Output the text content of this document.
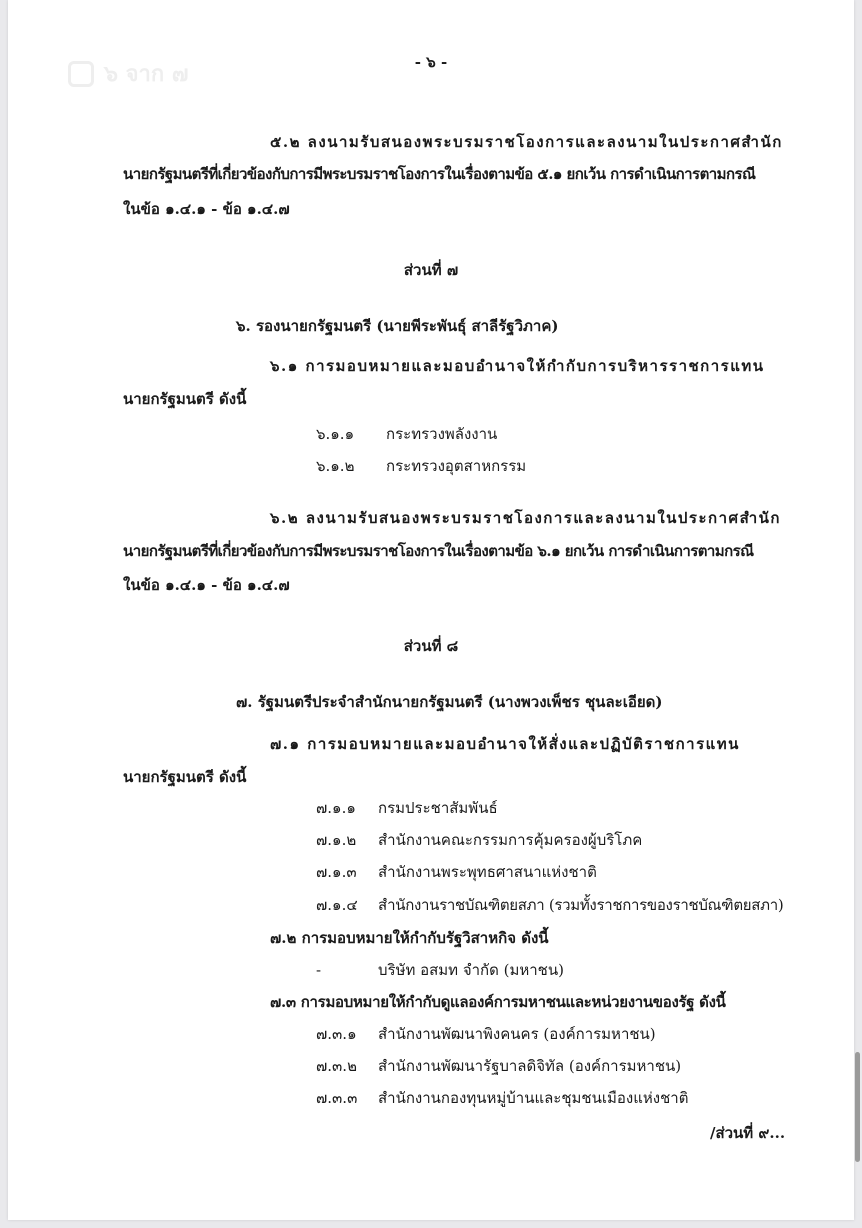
๖ จาก ๗	- ๖ -
๕.๒ ลงนามรับสนองพระบรมราชโองการและลงนามในประกาศสำนัก
นายกรัฐมนตรีที่เกี่ยวข้องกับการมีพระบรมราชโองการในเรื่องตามข้อ ๕.๑ ยกเว้น การดำเนินการตามกรณี
ในข้อ ๑.๔.๑ - ข้อ ๑.๔.๗
ส่วนที่ ๗
๖. รองนายกรัฐมนตรี (นายพีระพันธุ์ สาลีรัฐวิภาค)
๖.๑ การมอบหมายและมอบอำนาจให้กำกับการบริหารราชการแทน
นายกรัฐมนตรี ดังนี้
๖.๑.๑ กระทรวงพลังงาน
๖.๑.๒ กระทรวงอุตสาหกรรม
๖.๒ ลงนามรับสนองพระบรมราชโองการและลงนามในประกาศสำนัก
นายกรัฐมนตรีที่เกี่ยวข้องกับการมีพระบรมราชโองการในเรื่องตามข้อ ๖.๑ ยกเว้น การดำเนินการตามกรณี
ในข้อ ๑.๔.๑ - ข้อ ๑.๔.๗
ส่วนที่ ๘
๗. รัฐมนตรีประจำสำนักนายกรัฐมนตรี (นางพวงเพ็ชร ชุนละเอียด)
๗.๑ การมอบหมายและมอบอำนาจให้สั่งและปฏิบัติราชการแทน
นายกรัฐมนตรี ดังนี้
๗.๑.๑ กรมประชาสัมพันธ์
๗.๑.๒ สำนักงานคณะกรรมการคุ้มครองผู้บริโภค
๗.๑.๓ สำนักงานพระพุทธศาสนาแห่งชาติ
๗.๑.๔ สำนักงานราชบัณฑิตยสภา (รวมทั้งราชการของราชบัณฑิตยสภา)
๗.๒ การมอบหมายให้กำกับรัฐวิสาหกิจ ดังนี้
-	บริษัท อสมท จำกัด (มหาชน)
๗.๓ การมอบหมายให้กำกับดูแลองค์การมหาชนและหน่วยงานของรัฐ ดังนี้
๗.๓.๑ สำนักงานพัฒนาพิงคนคร (องค์การมหาชน)
๗.๓.๒ สำนักงานพัฒนารัฐบาลดิจิทัล (องค์การมหาชน)
๗.๓.๓ สำนักงานกองทุนหมู่บ้านและชุมชนเมืองแห่งชาติ
/ส่วนที่ ๙...
